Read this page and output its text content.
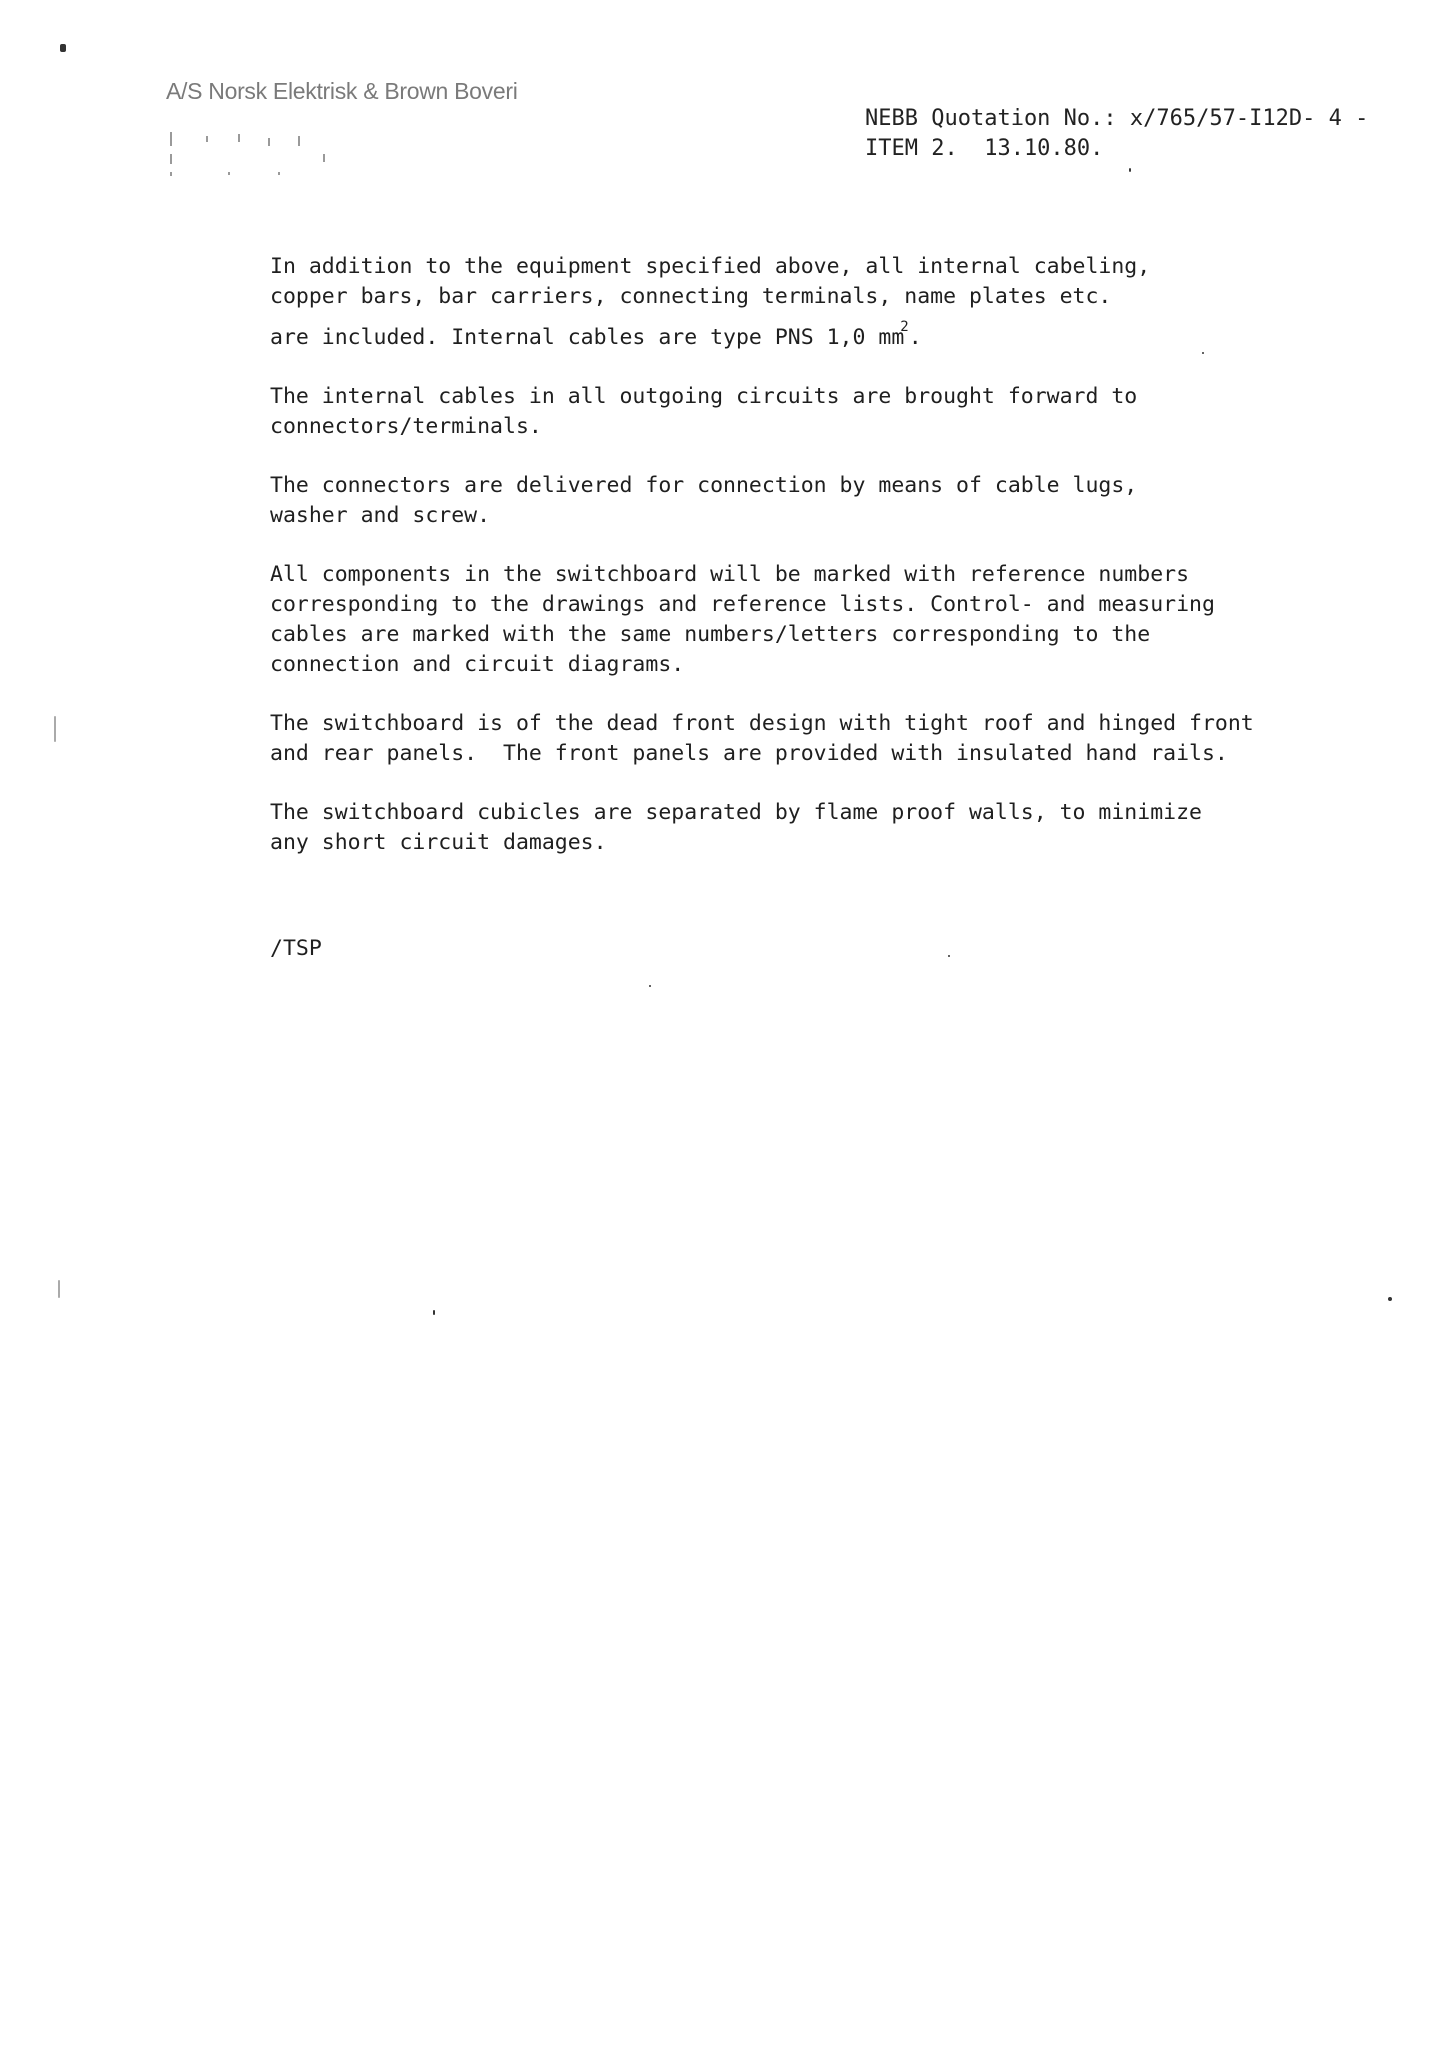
A/S Norsk Elektrisk & Brown Boveri
NEBB Quotation No.: x/765/57-I12D- 4 -
ITEM 2.  13.10.80.

In addition to the equipment specified above, all internal cabeling,
copper bars, bar carriers, connecting terminals, name plates etc.
are included. Internal cables are type PNS 1,0 $mm^2$.

The internal cables in all outgoing circuits are brought forward to
connectors/terminals.

The connectors are delivered for connection by means of cable lugs,
washer and screw.

All components in the switchboard will be marked with reference numbers
corresponding to the drawings and reference lists. Control- and measuring
cables are marked with the same numbers/letters corresponding to the
connection and circuit diagrams.

The switchboard is of the dead front design with tight roof and hinged front
and rear panels.  The front panels are provided with insulated hand rails.

The switchboard cubicles are separated by flame proof walls, to minimize
any short circuit damages.

/TSP
